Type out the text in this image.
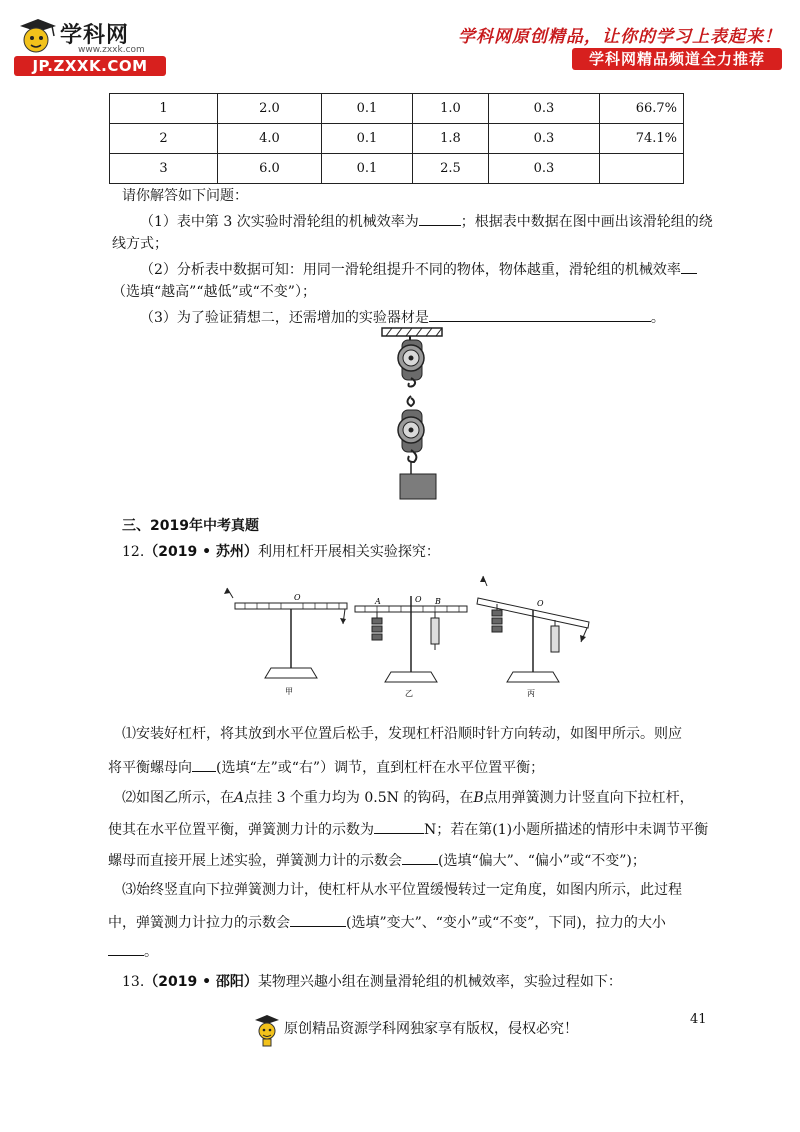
学科网
www.zxxk.com
JP.ZXXK.COM
学科网原创精品，让你的学习上表起来！
学科网精品频道全力推荐
1	2.0	0.1	1.0	0.3	66.7%
2	4.0	0.1	1.8	0.3	74.1%
3	6.0	0.1	2.5	0.3	
请你解答如下问题：
（1）表中第 3 次实验时滑轮组的机械效率为	；根据表中数据在图中画出该滑轮组的绕
线方式；
（2）分析表中数据可知：用同一滑轮组提升不同的物体，物体越重，滑轮组的机械效率
（选填“越高”“越低”或“不变”）；
（3）为了验证猜想二，还需增加的实验器材是	。
三、2019年中考真题
12.（2019 • 苏州）利用杠杆开展相关实验探究：
O
甲
A	O B
乙
O
丙
⑴安装好杠杆，将其放到水平位置后松手，发现杠杆沿顺时针方向转动，如图甲所示。则应
将平衡螺母向 (选填“左”或“右”）调节，直到杠杆在水平位置平衡；
⑵如图乙所示，在A点挂 3 个重力均为 0.5N 的钩码，在B点用弹簧测力计竖直向下拉杠杆，
使其在水平位置平衡，弹簧测力计的示数为	N；若在第(1)小题所描述的情形中未调节平衡
螺母而直接开展上述实验，弹簧测力计的示数会	(选填“偏大”、“偏小”或“不变”)；
⑶始终竖直向下拉弹簧测力计，使杠杆从水平位置缓慢转过一定角度，如图内所示，此过程
中，弹簧测力计拉力的示数会	(选填”变大”、“变小”或“不变”，下同)，拉力的大小
。
13.（2019 • 邵阳）某物理兴趣小组在测量滑轮组的机械效率，实验过程如下：
41
原创精品资源学科网独家享有版权，侵权必究！
